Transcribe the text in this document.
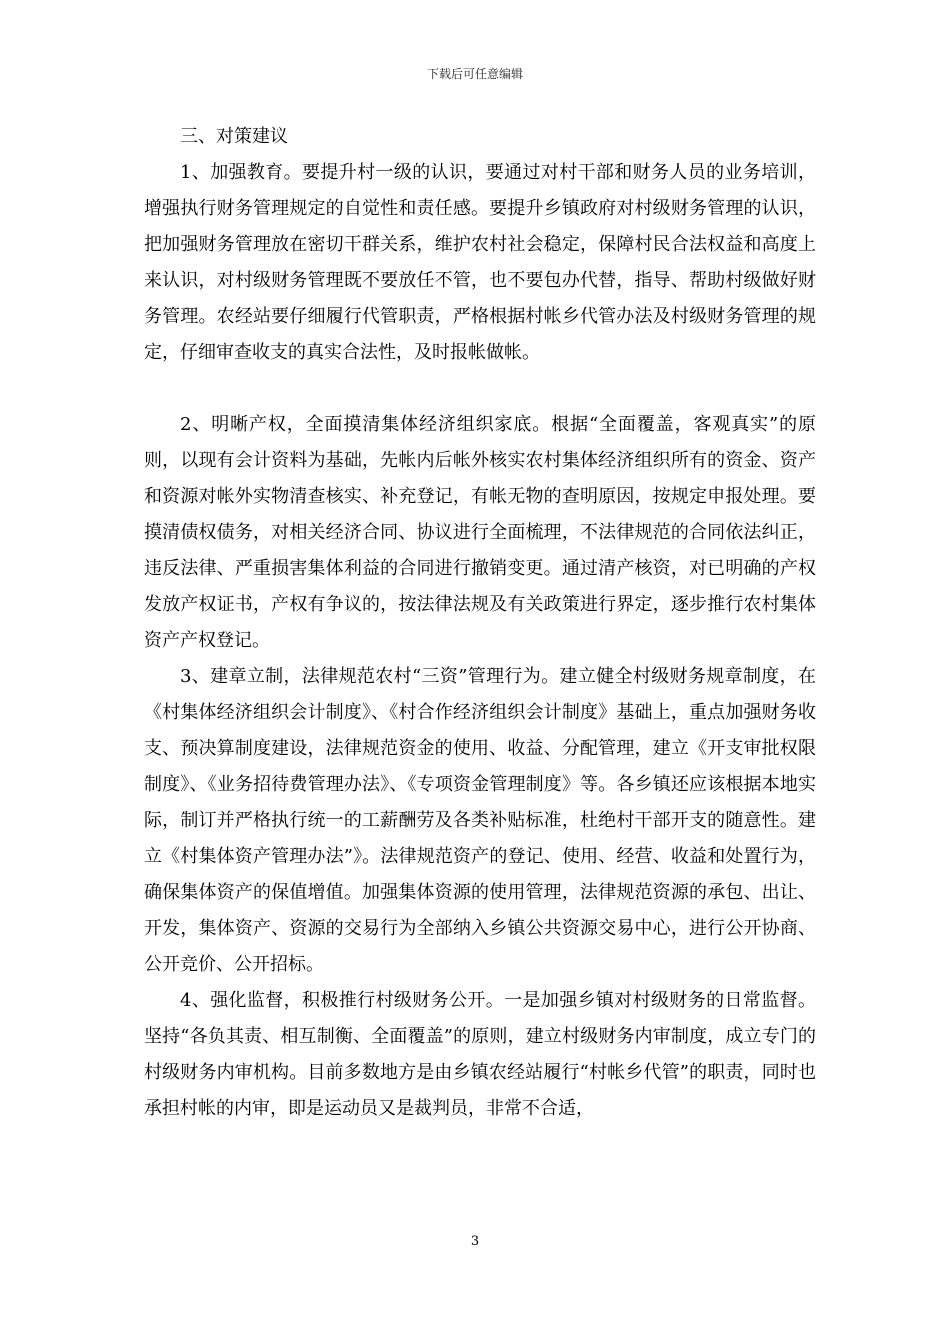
下载后可任意编辑

三、对策建议

1、加强教育。要提升村一级的认识，要通过对村干部和财务人员的业务培训，增强执行财务管理规定的自觉性和责任感。要提升乡镇政府对村级财务管理的认识，把加强财务管理放在密切干群关系，维护农村社会稳定，保障村民合法权益和高度上来认识，对村级财务管理既不要放任不管，也不要包办代替，指导、帮助村级做好财务管理。农经站要仔细履行代管职责，严格根据村帐乡代管办法及村级财务管理的规定，仔细审查收支的真实合法性，及时报帐做帐。

2、明晰产权，全面摸清集体经济组织家底。根据“全面覆盖，客观真实”的原则，以现有会计资料为基础，先帐内后帐外核实农村集体经济组织所有的资金、资产和资源对帐外实物清查核实、补充登记，有帐无物的查明原因，按规定申报处理。要摸清债权债务，对相关经济合同、协议进行全面梳理，不法律规范的合同依法纠正，违反法律、严重损害集体利益的合同进行撤销变更。通过清产核资，对已明确的产权发放产权证书，产权有争议的，按法律法规及有关政策进行界定，逐步推行农村集体资产产权登记。

3、建章立制，法律规范农村“三资”管理行为。建立健全村级财务规章制度，在《村集体经济组织会计制度》、《村合作经济组织会计制度》基础上，重点加强财务收支、预决算制度建设，法律规范资金的使用、收益、分配管理，建立《开支审批权限制度》、《业务招待费管理办法》、《专项资金管理制度》等。各乡镇还应该根据本地实际，制订并严格执行统一的工薪酬劳及各类补贴标准，杜绝村干部开支的随意性。建立《村集体资产管理办法”》。法律规范资产的登记、使用、经营、收益和处置行为，确保集体资产的保值增值。加强集体资源的使用管理，法律规范资源的承包、出让、开发，集体资产、资源的交易行为全部纳入乡镇公共资源交易中心，进行公开协商、公开竞价、公开招标。

4、强化监督，积极推行村级财务公开。一是加强乡镇对村级财务的日常监督。坚持“各负其责、相互制衡、全面覆盖”的原则，建立村级财务内审制度，成立专门的村级财务内审机构。目前多数地方是由乡镇农经站履行“村帐乡代管”的职责，同时也承担村帐的内审，即是运动员又是裁判员，非常不合适，

3
